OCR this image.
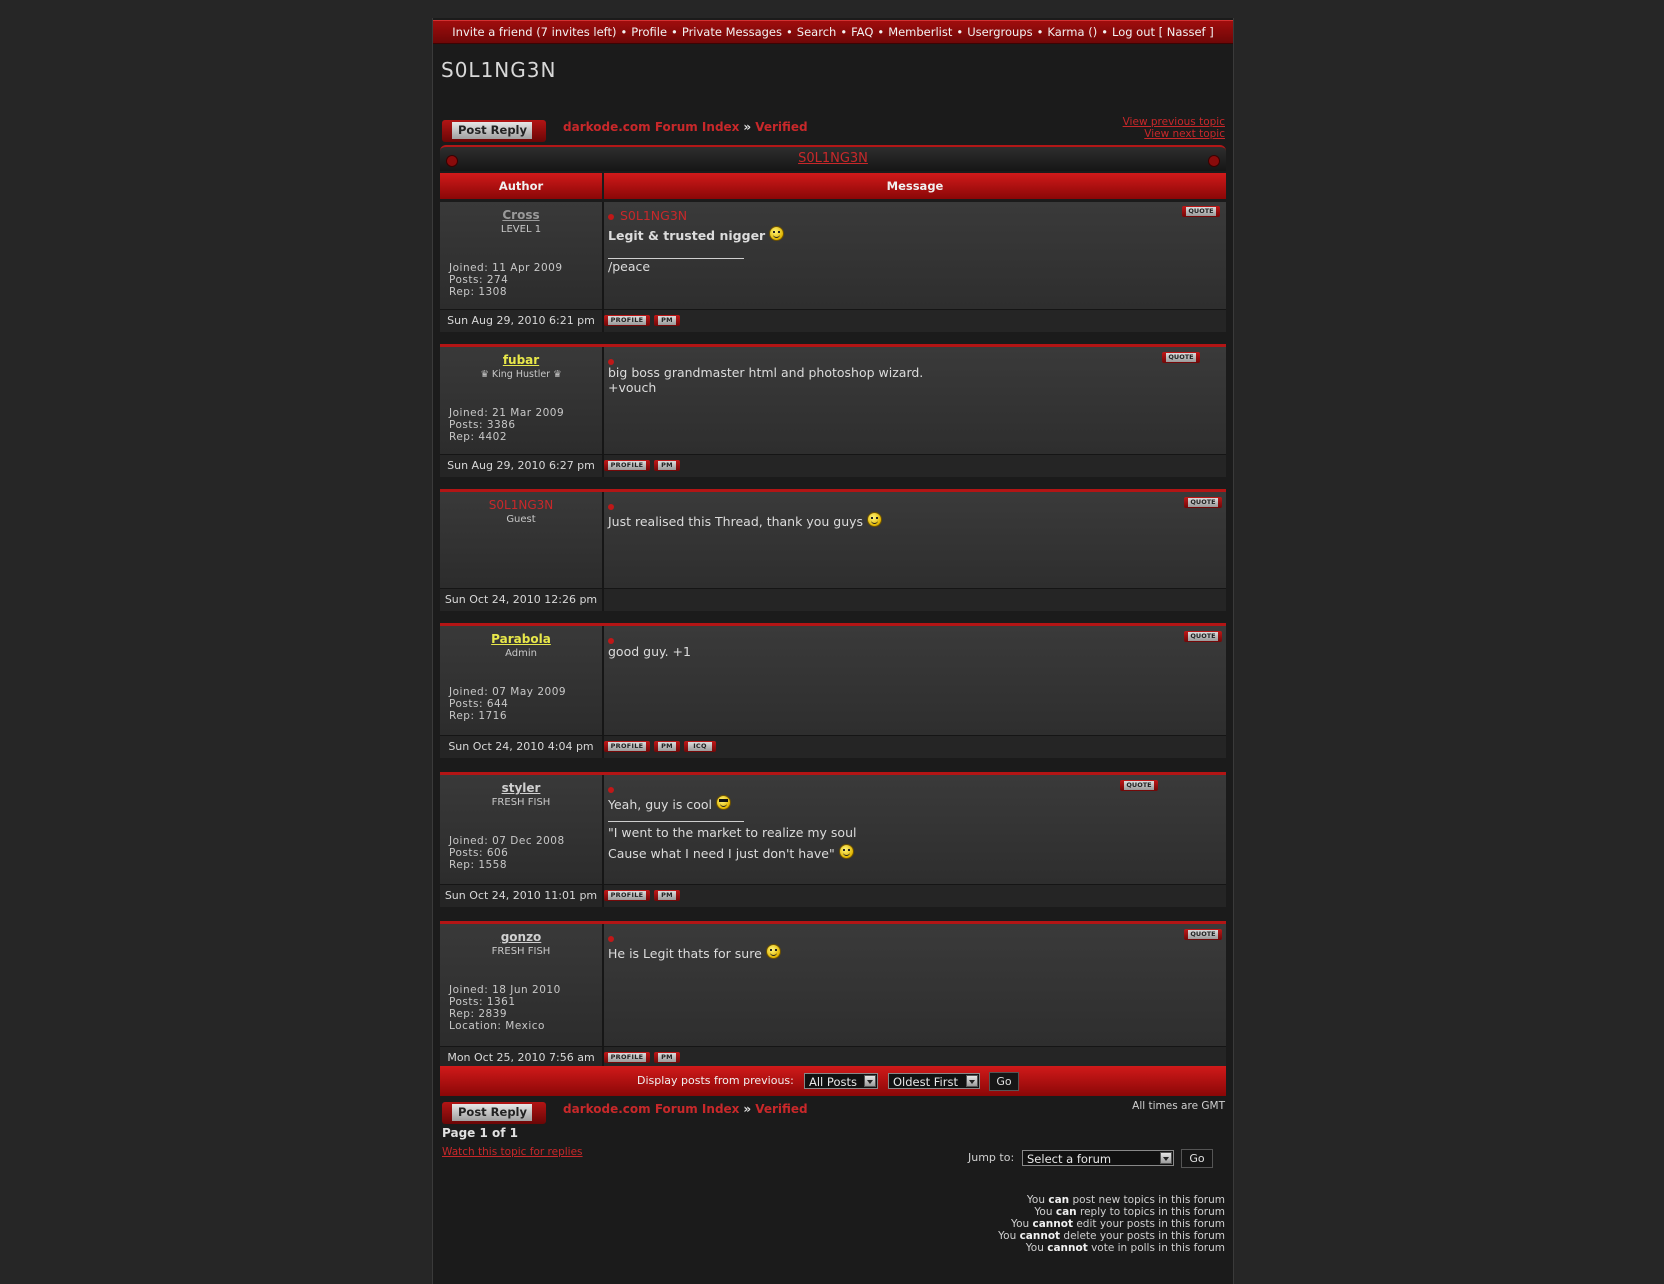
Invite a friend (7 invites left) • Profile • Private Messages • Search • FAQ • Memberlist • Usergroups • Karma () • Log out [ Nassef ]
S0L1NG3N
Post Reply	darkode.com Forum Index » Verified	View previous topic
View next topic
S0L1NG3N
Author	Message
Cross
LEVEL 1
Joined: 11 Apr 2009
Posts: 274
Rep: 1308
S0L1NG3N	QUOTE
Legit & trusted nigger
/peace
Sun Aug 29, 2010 6:21 pm	PROFILE	PM
fubar
♛ King Hustler ♛
Joined: 21 Mar 2009
Posts: 3386
Rep: 4402
QUOTE
big boss grandmaster html and photoshop wizard.
+vouch
Sun Aug 29, 2010 6:27 pm	PROFILE	PM
S0L1NG3N
Guest
QUOTE
Just realised this Thread, thank you guys
Sun Oct 24, 2010 12:26 pm
Parabola
Admin
Joined: 07 May 2009
Posts: 644
Rep: 1716
QUOTE
good guy. +1
Sun Oct 24, 2010 4:04 pm	PROFILE	PM	ICQ
styler
FRESH FISH
Joined: 07 Dec 2008
Posts: 606
Rep: 1558
QUOTE
Yeah, guy is cool
"I went to the market to realize my soul
Cause what I need I just don't have"
Sun Oct 24, 2010 11:01 pm	PROFILE	PM
gonzo
FRESH FISH
Joined: 18 Jun 2010
Posts: 1361
Rep: 2839
Location: Mexico
QUOTE
He is Legit thats for sure
Mon Oct 25, 2010 7:56 am	PROFILE	PM
Display posts from previous:	All Posts	Oldest First	Go
Post Reply	darkode.com Forum Index » Verified	All times are GMT
Page 1 of 1
Watch this topic for replies	Jump to:	Select a forum	Go
You can post new topics in this forum
You can reply to topics in this forum
You cannot edit your posts in this forum
You cannot delete your posts in this forum
You cannot vote in polls in this forum
